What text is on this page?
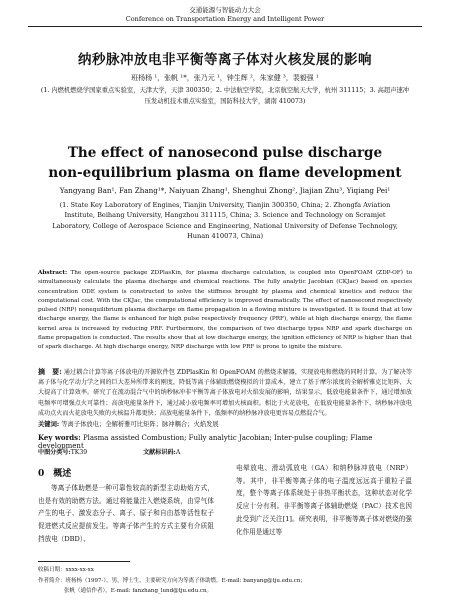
交通能源与智能动力大会
Conference on Transportation Energy and Intelligent Power
纳秒脉冲放电非平衡等离子体对火核发展的影响
班杨杨 ¹，张帆 ¹*，张乃元 ¹，钟生辉 ²，朱家健 ³，裴毅强 ¹
(1. 内燃机燃烧学国家重点实验室，天津大学，天津 300350；2. 中法航空学院，北京航空航天大学，杭州 311115；3. 高超声速冲压发动机技术重点实验室，国防科技大学，湖南 410073)
The effect of nanosecond pulse discharge
non-equilibrium plasma on flame development
Yangyang Ban¹, Fan Zhang¹*, Naiyuan Zhang¹, Shenghui Zhong², Jiajian Zhu³, Yiqiang Pei¹
(1. State Key Laboratory of Engines, Tianjin University, Tianjin 300350, China; 2. Zhongfa Aviation Institute, Beihang University, Hangzhou 311115, China; 3. Science and Technology on Scramjet Laboratory, College of Aerospace Science and Engineering, National University of Defense Technology, Hunan 410073, China)
Abstract: The open-source package ZDPlasKin, for plasma discharge calculation, is coupled into OpenFOAM (ZDP-OF) to simultaneously calculate the plasma discharge and chemical reactions. The fully analytic Jacobian (CKJac) based on species concentration ODE system is constructed to solve the stiffness brought by plasma and chemical kinetics and reduce the computational cost. With the CKJac, the computational efficiency is improved dramatically. The effect of nanosecond respectively pulsed (NRP) nonequilibrium plasma discharge on flame propagation in a flowing mixture is investigated. It is found that at low discharge energy, the flame is enhanced for high pulse respectively frequency (PRF), while at high discharge energy, the flame kernel area is increased by reducing PRF. Furthermore, the comparison of two discharge types NRP and spark discharge on flame propagation is conducted. The results show that at low discharge energy, the ignition efficiency of NRP is higher than that of spark discharge. At high discharge energy, NRP discharge with low PRF is prone to ignite the mixture.
摘　要: 通过耦合计算等离子体放电的开源软件包 ZDPlasKin 和 OpenFOAM 的燃烧求解器，实现放电和燃烧的同时计算。为了解决等离子体与化学动力学之间的巨大差异所带来的刚度，降低等离子体辅助燃烧模拟的计算成本，建立了基于摩尔浓度的全解析雅克比矩阵，大大提高了计算效率。研究了在流动混合气中的纳秒脉冲非平衡等离子体放电对火焰发展的影响，结果显示，低放电能量条件下，通过增加放电频率可增强点火可靠性；高放电能量条件下，通过减小放电频率可增加火核面积。相比于火花放电，在低放电能量条件下，纳秒脉冲放电成功点火而火花放电失败的火核温升都更快；高放电能量条件下，低频率的纳秒脉冲放电更容易点燃混合气。
关键词: 等离子体放电；全解析雅可比矩阵；脉冲耦合；火焰发展
Key words: Plasma assisted Combustion; Fully analytic Jacobian; Inter-pulse coupling; Flame development
中图分类号:TK39	文献标识码:A
0　概述
等离子体助燃是一种可靠性较高的新型主动助焰方式，也是有效的助燃方法。通过将能量注入燃烧系统，由穿气体产生的电子、激发态分子、离子、原子和自由基等活性粒子促进燃式反应提前发生。等离子体产生的方式主要有介质阻挡放电（DBD）、
电晕放电、滑动弧放电（GA）和纳秒脉冲放电（NRP）等。其中，非平衡等离子体的电子温度远远高于重粒子温度，整个等离子体系统处于非热平衡状态，这种状态对化学反应十分有利。非平衡等离子体辅助燃烧（PAC）技术也因此受到广泛关注[1]。研究表明，非平衡等离子体对燃烧的强化作用是通过等
收稿日期：xxxx-xx-xx
作者简介：班杨杨（1997-），男，博士生，主要研究方向为等离子体助燃。E-mail: banyang@tju.edu.cn；
张帆（通信作者），E-mail: fanzhang_lund@tju.edu.cn。
